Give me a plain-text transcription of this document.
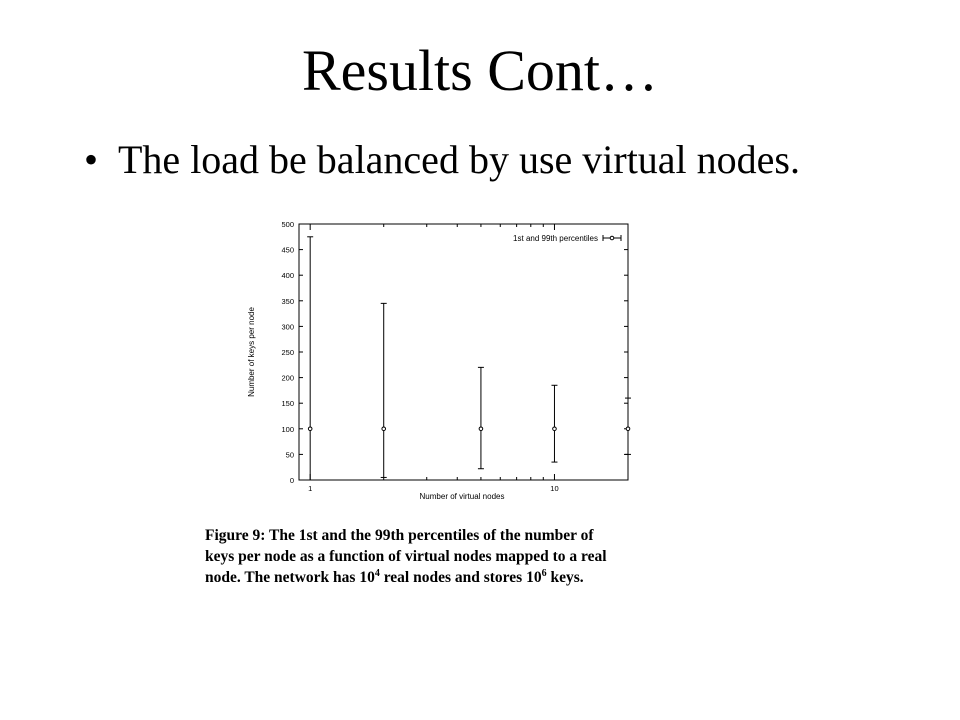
Results Cont…
• The load be balanced by use virtual nodes.
0
50
100
150
200
250
300
350
400
450
500
1	10
Number of keys per node
Number of virtual nodes
1st and 99th percentiles
Figure 9: The 1st and the 99th percentiles of the number of
keys per node as a function of virtual nodes mapped to a real
node. The network has $10^4$ real nodes and stores $10^6$ keys.
